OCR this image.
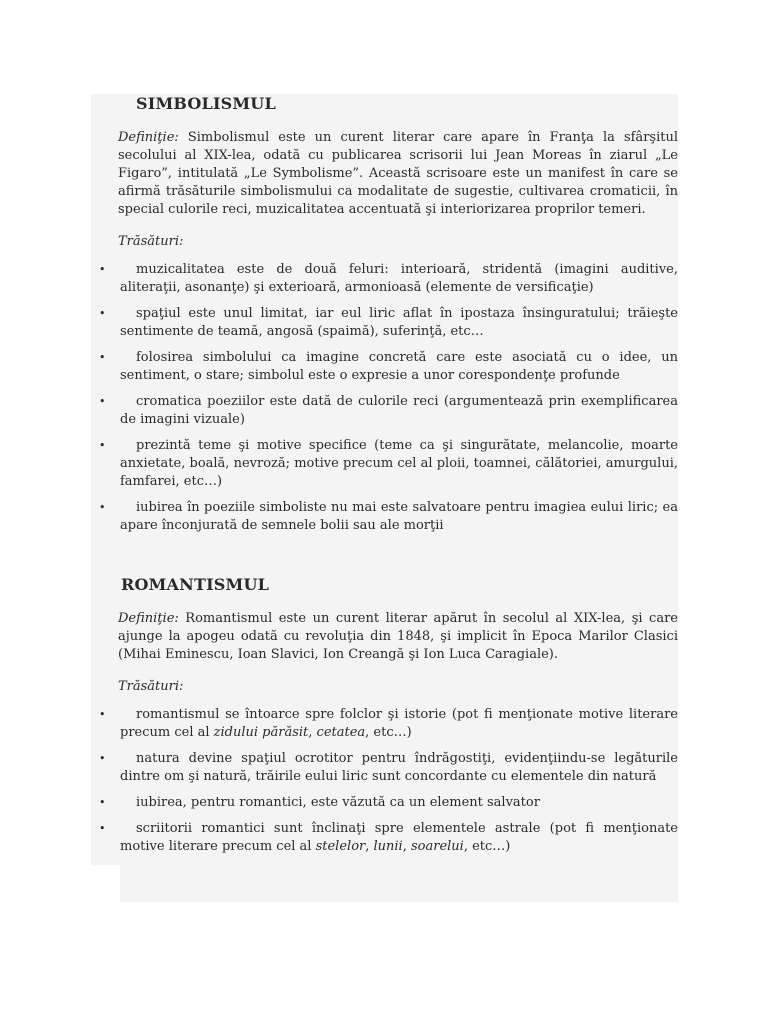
SIMBOLISMUL

Definiţie: Simbolismul este un curent literar care apare în Franţa la sfârşitul secolului al XIX-lea, odată cu publicarea scrisorii lui Jean Moreas în ziarul „Le Figaro”, intitulată „Le Symbolisme”. Această scrisoare este un manifest în care se afirmă trăsăturile simbolismului ca modalitate de sugestie, cultivarea cromaticii, în special culorile reci, muzicalitatea accentuată şi interiorizarea proprilor temeri.

Trăsături:

• muzicalitatea este de două feluri: interioară, stridentă (imagini auditive, aliteraţii, asonanţe) şi exterioară, armonioasă (elemente de versificaţie)
• spaţiul este unul limitat, iar eul liric aflat în ipostaza însinguratului; trăieşte sentimente de teamă, angosă (spaimă), suferinţă, etc…
• folosirea simbolului ca imagine concretă care este asociată cu o idee, un sentiment, o stare; simbolul este o expresie a unor corespondenţe profunde
• cromatica poeziilor este dată de culorile reci (argumentează prin exemplificarea de imagini vizuale)
• prezintă teme şi motive specifice (teme ca şi singurătate, melancolie, moarte anxietate, boală, nevroză; motive precum cel al ploii, toamnei, călătoriei, amurgului, famfarei, etc…)
• iubirea în poeziile simboliste nu mai este salvatoare pentru imagiea eului liric; ea apare înconjurată de semnele bolii sau ale morţii
ROMANTISMUL

Definiţie: Romantismul este un curent literar apărut în secolul al XIX-lea, şi care ajunge la apogeu odată cu revoluţia din 1848, şi implicit în Epoca Marilor Clasici (Mihai Eminescu, Ioan Slavici, Ion Creangă şi Ion Luca Caragiale).

Trăsături:

• romantismul se întoarce spre folclor şi istorie (pot fi menţionate motive literare precum cel al zidului părăsit, cetatea, etc…)
• natura devine spaţiul ocrotitor pentru îndrăgostiţi, evidenţiindu-se legăturile dintre om şi natură, trăirile eului liric sunt concordante cu elementele din natură
• iubirea, pentru romantici, este văzută ca un element salvator
• scriitorii romantici sunt înclinaţi spre elementele astrale (pot fi menţionate motive literare precum cel al stelelor, lunii, soarelui, etc…)
